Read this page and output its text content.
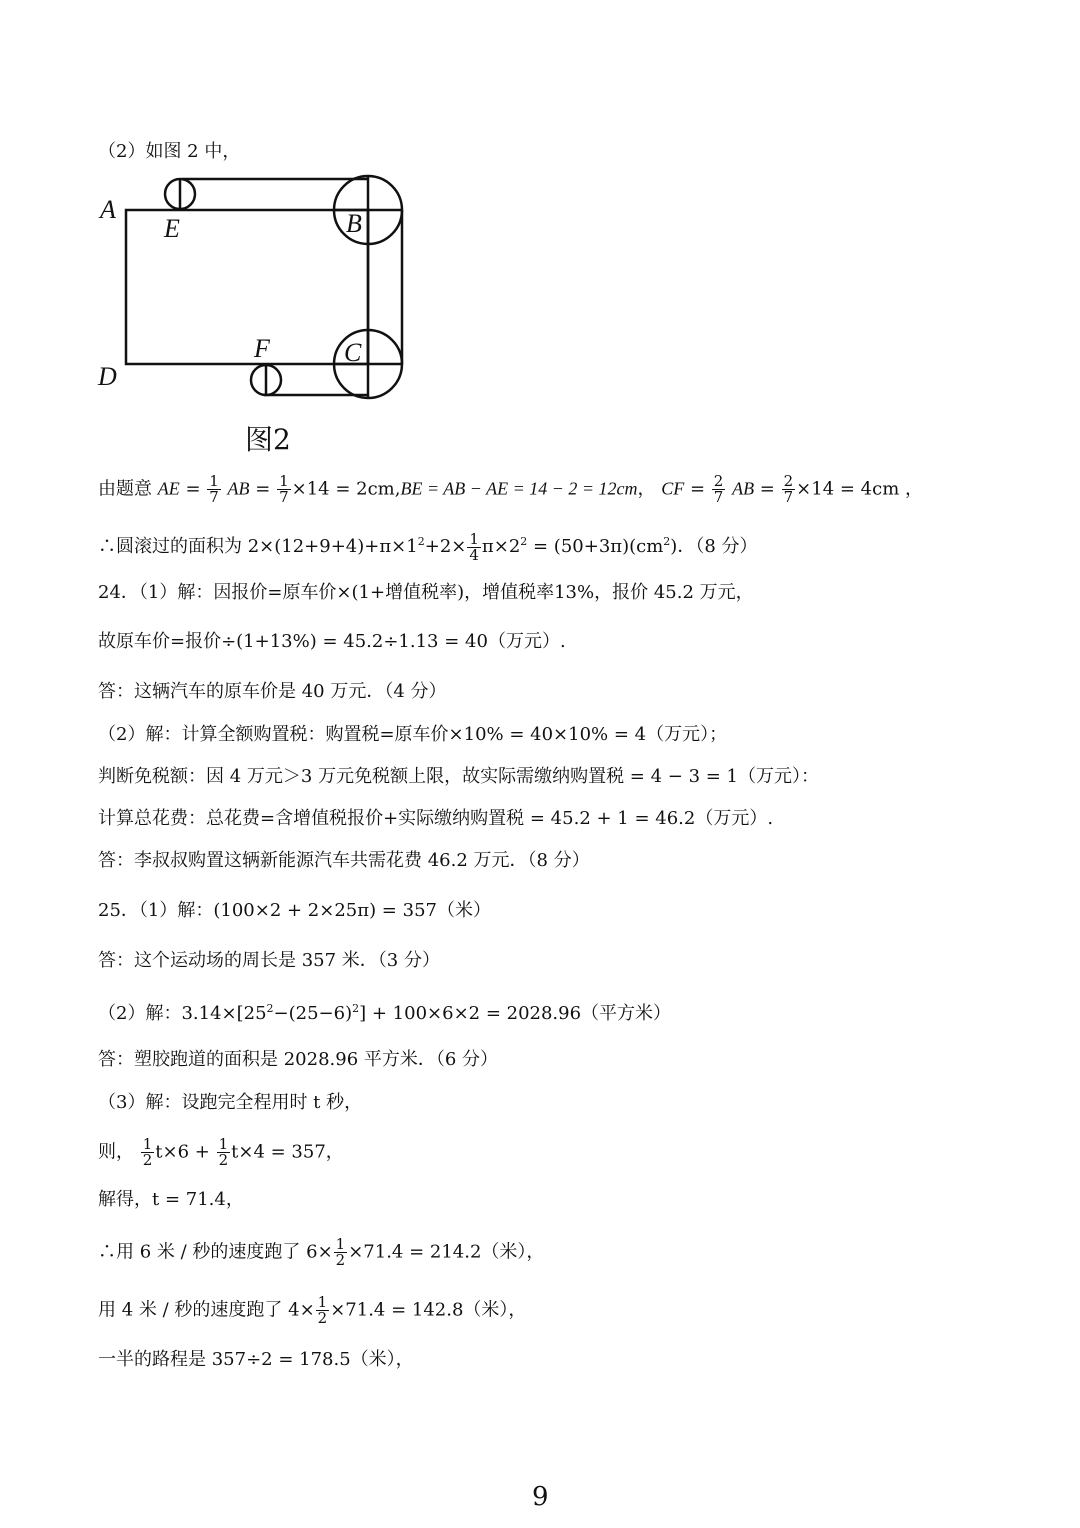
（2）如图 2 中，
A
E	B
F	C
D
图2
由题意 AE = $\frac{1}{7}$ AB = $\frac{1}{7} \times 14 = 2cm,BE$ = AB − AE = 14 − 2 = 12cm， CF = $\frac{2}{7}$ AB = $\frac{2}{7} \times 14 = 4cm$ ，
∴圆滚过的面积为 $2\times(12+9+4)+\pi\times 1^2+2\times \frac{1}{4} \pi\times 2^2 = (50+3\pi)(cm^2)$．（8 分）
24．（1）解：因报价=原车价×(1+增值税率)，增值税率13%，报价 45.2 万元，
故原车价=报价÷(1+13%) = 45.2÷1.13 = 40（万元）.
答：这辆汽车的原车价是 40 万元．（4 分）
（2）解：计算全额购置税：购置税=原车价×10% = 40×10% = 4（万元）；
判断免税额：因 4 万元＞3 万元免税额上限，故实际需缴纳购置税 = 4 − 3 = 1（万元）：
计算总花费：总花费=含增值税报价+实际缴纳购置税 = 45.2 + 1 = 46.2（万元）.
答：李叔叔购置这辆新能源汽车共需花费 46.2 万元．（8 分）
25．（1）解：(100×2 + 2×25π) = 357（米）
答：这个运动场的周长是 357 米．（3 分）
（2）解：$3.14\times[25^2-(25-6)^2] + 100\times 6\times 2 = 2028.96$（平方米）
答：塑胶跑道的面积是 2028.96 平方米．（6 分）
（3）解：设跑完全程用时 t 秒，
则， $\frac{1}{2} t\times 6 + \frac{1}{2} t\times 4 = 357$，
解得，t = 71.4，
∴用 6 米 / 秒的速度跑了 $6\times \frac{1}{2} \times 71.4 = 214.2$（米），
用 4 米 / 秒的速度跑了 $4\times \frac{1}{2} \times 71.4 = 142.8$（米），
一半的路程是 357÷2 = 178.5（米），
9
